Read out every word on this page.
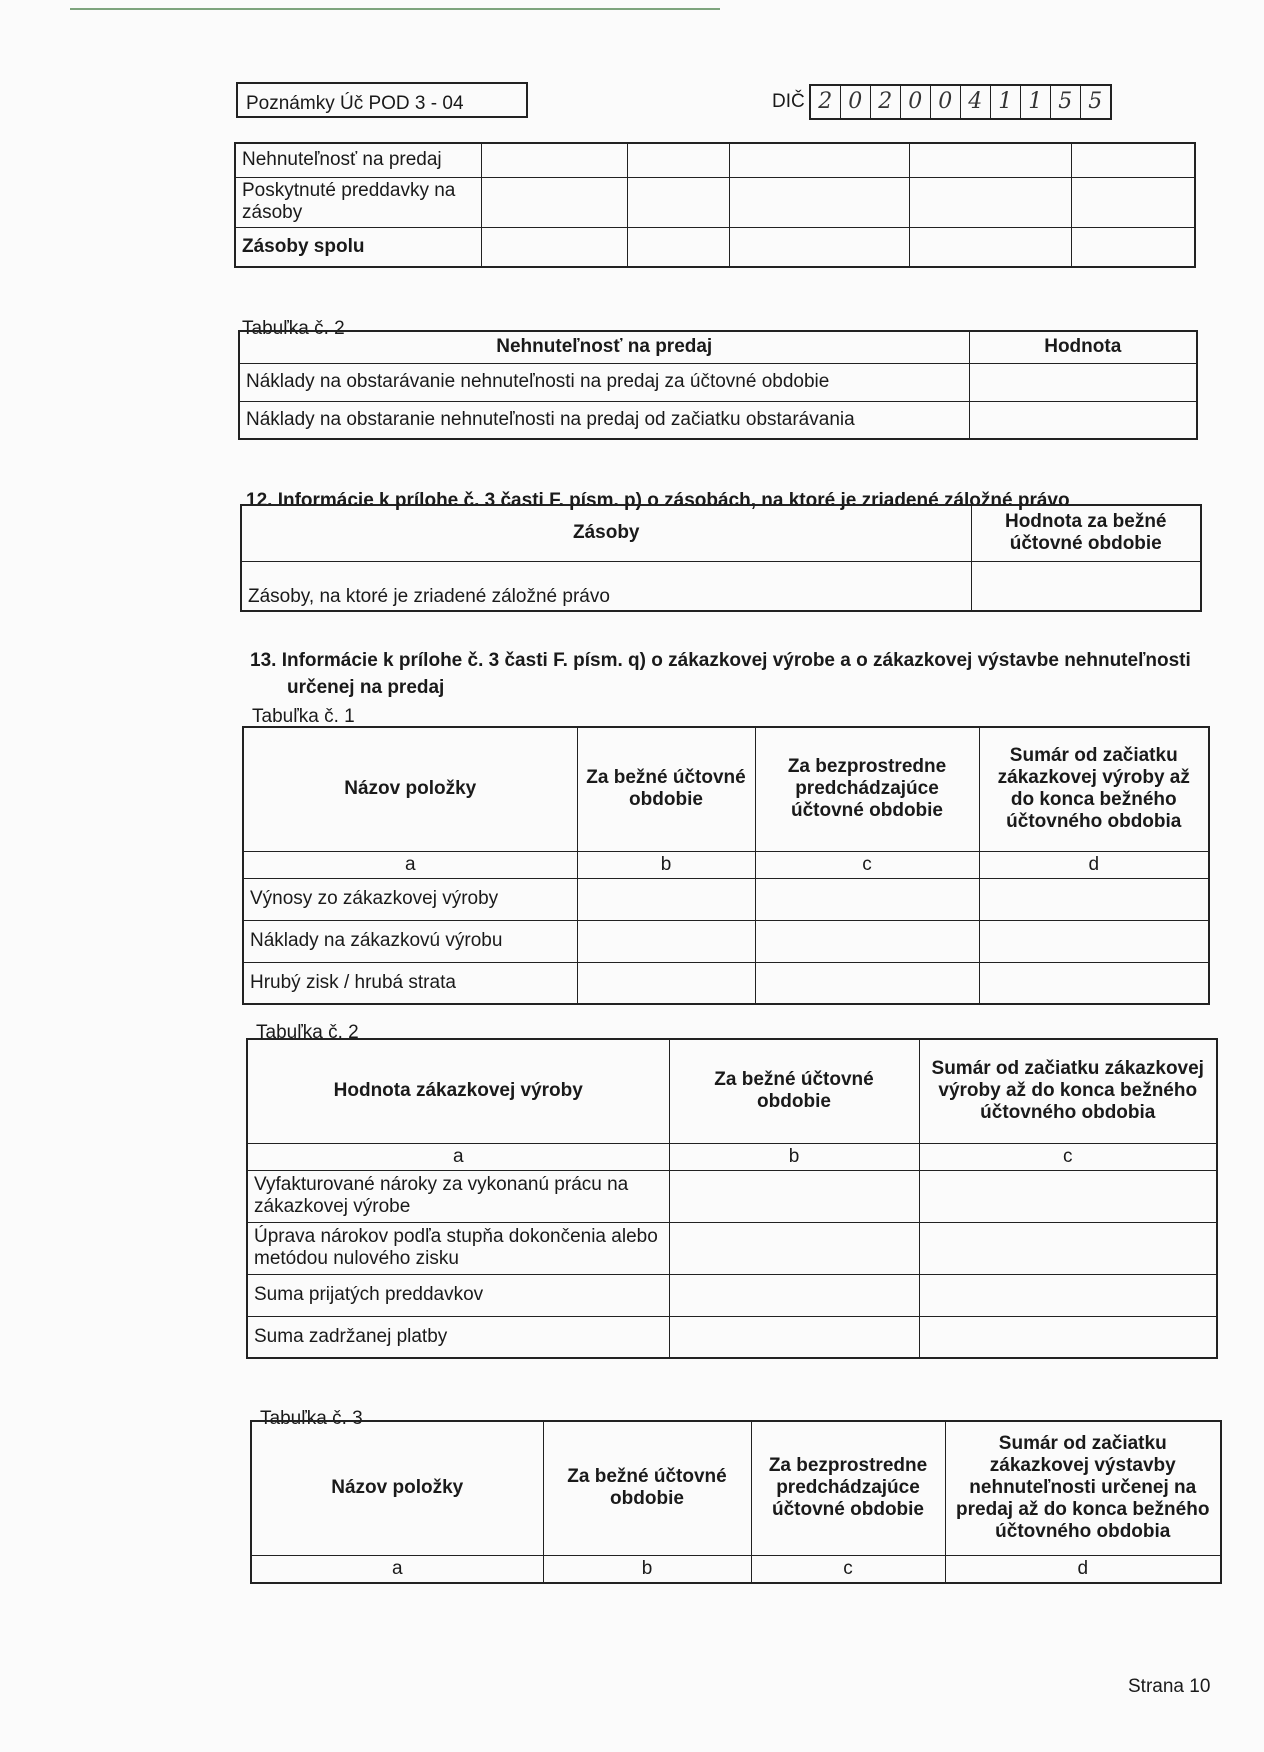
Poznámky Úč POD 3 - 04	DIČ 2 0 2 0 0 4 1 1 5 5
Nehnuteľnosť na predaj					
Poskytnuté preddavky na zásoby					
Zásoby spolu					
Tabuľka č. 2
Nehnuteľnosť na predaj	Hodnota
Náklady na obstarávanie nehnuteľnosti na predaj za účtovné obdobie	
Náklady na obstaranie nehnuteľnosti na predaj od začiatku obstarávania	
12. Informácie k prílohe č. 3 časti F. písm. p) o zásobách, na ktoré je zriadené záložné právo
Zásoby	Hodnota za bežné účtovné obdobie
Zásoby, na ktoré je zriadené záložné právo	
13. Informácie k prílohe č. 3 časti F. písm. q) o zákazkovej výrobe a o zákazkovej výstavbe nehnuteľnosti
určenej na predaj
Tabuľka č. 1
Názov položky	Za bežné účtovné obdobie	Za bezprostredne predchádzajúce účtovné obdobie	Sumár od začiatku zákazkovej výroby až do konca bežného účtovného obdobia
a	b	c	d
Výnosy zo zákazkovej výroby			
Náklady na zákazkovú výrobu			
Hrubý zisk / hrubá strata			
Tabuľka č. 2
Hodnota zákazkovej výroby	Za bežné účtovné obdobie	Sumár od začiatku zákazkovej výroby až do konca bežného účtovného obdobia
a	b	c
Vyfakturované nároky za vykonanú prácu na zákazkovej výrobe		
Úprava nárokov podľa stupňa dokončenia alebo metódou nulového zisku		
Suma prijatých preddavkov		
Suma zadržanej platby		
Tabuľka č. 3
Názov položky	Za bežné účtovné obdobie	Za bezprostredne predchádzajúce účtovné obdobie	Sumár od začiatku zákazkovej výstavby nehnuteľnosti určenej na predaj až do konca bežného účtovného obdobia
a	b	c	d
Strana 10
